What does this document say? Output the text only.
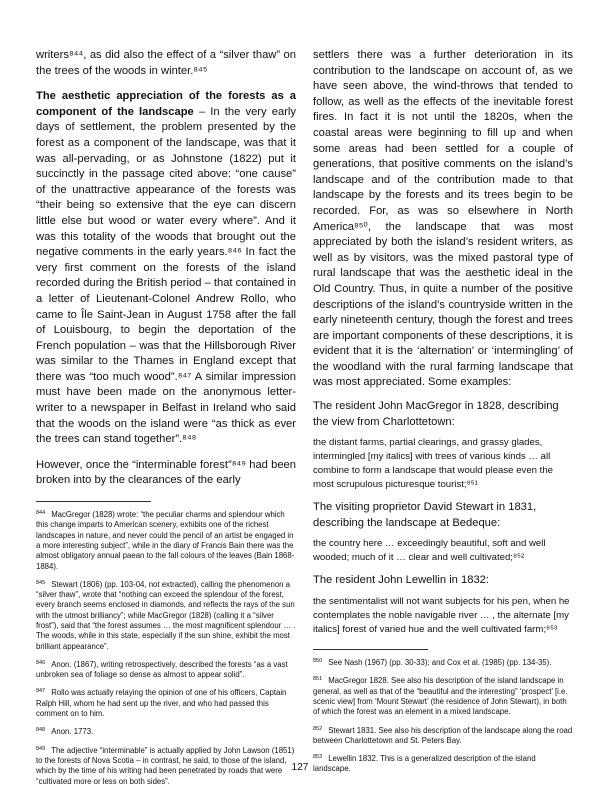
writers⁸⁴⁴, as did also the effect of a “silver thaw” on the trees of the woods in winter.⁸⁴⁵

The aesthetic appreciation of the forests as a component of the landscape – In the very early days of settlement, the problem presented by the forest as a component of the landscape, was that it was all-pervading, or as Johnstone (1822) put it succinctly in the passage cited above: “one cause” of the unattractive appearance of the forests was “their being so extensive that the eye can discern little else but wood or water every where”. And it was this totality of the woods that brought out the negative comments in the early years.⁸⁴⁶ In fact the very first comment on the forests of the island recorded during the British period – that contained in a letter of Lieutenant-Colonel Andrew Rollo, who came to Île Saint-Jean in August 1758 after the fall of Louisbourg, to begin the deportation of the French population – was that the Hillsborough River was similar to the Thames in England except that there was “too much wood”.⁸⁴⁷ A similar impression must have been made on the anonymous letter-writer to a newspaper in Belfast in Ireland who said that the woods on the island were “as thick as ever the trees can stand together”.⁸⁴⁸

However, once the “interminable forest”⁸⁴⁹ had been broken into by the clearances of the early

$^{844}$ MacGregor (1828) wrote: “the peculiar charms and splendour which this change imparts to American scenery, exhibits one of the richest landscapes in nature, and never could the pencil of an artist be engaged in a more interesting subject”, while in the diary of Francis Bain there was the almost obligatory annual paean to the fall colours of the leaves (Bain 1868-1884).

$^{845}$ Stewart (1806) (pp. 103-04, not extracted), calling the phenomenon a “silver thaw”, wrote that “nothing can exceed the splendour of the forest, every branch seems enclosed in diamonds, and reflects the rays of the sun with the utmost brilliancy”; while MacGregor (1828) (calling it a “silver frost”), said that “the forest assumes … the most magnificent splendour … . The woods, while in this state, especially if the sun shine, exhibit the most brilliant appearance”.

$^{846}$ Anon. (1867), writing retrospectively, described the forests “as a vast unbroken sea of foliage so dense as almost to appear solid”.

$^{847}$ Rollo was actually relaying the opinion of one of his officers, Captain Ralph Hill, whom he had sent up the river, and who had passed this comment on to him.

$^{848}$ Anon. 1773.

$^{849}$ The adjective “interminable” is actually applied by John Lawson (1851) to the forests of Nova Scotia – in contrast, he said, to those of the island, which by the time of his writing had been penetrated by roads that were “cultivated more or less on both sides”.

settlers there was a further deterioration in its contribution to the landscape on account of, as we have seen above, the wind-throws that tended to follow, as well as the effects of the inevitable forest fires. In fact it is not until the 1820s, when the coastal areas were beginning to fill up and when some areas had been settled for a couple of generations, that positive comments on the island’s landscape and of the contribution made to that landscape by the forests and its trees begin to be recorded. For, as was so elsewhere in North America⁸⁵⁰, the landscape that was most appreciated by both the island’s resident writers, as well as by visitors, was the mixed pastoral type of rural landscape that was the aesthetic ideal in the Old Country. Thus, in quite a number of the positive descriptions of the island’s countryside written in the early nineteenth century, though the forest and trees are important components of these descriptions, it is evident that it is the ‘alternation’ or ‘intermingling’ of the woodland with the rural farming landscape that was most appreciated. Some examples:

The resident John MacGregor in 1828, describing the view from Charlottetown:

the distant farms, partial clearings, and grassy glades, intermingled [my italics] with trees of various kinds … all combine to form a landscape that would please even the most scrupulous picturesque tourist;⁸⁵¹

The visiting proprietor David Stewart in 1831, describing the landscape at Bedeque:

the country here … exceedingly beautiful, soft and well wooded; much of it … clear and well cultivated;⁸⁵²

The resident John Lewellin in 1832:

the sentimentalist will not want subjects for his pen, when he contemplates the noble navigable river … , the alternate [my italics] forest of varied hue and the well cultivated farm;⁸⁵³

$^{850}$ See Nash (1967) (pp. 30-33); and Cox et al. (1985) (pp. 134-35).

$^{851}$ MacGregor 1828. See also his description of the island landscape in general, as well as that of the “beautiful and the interesting” ‘prospect’ [i.e. scenic view] from ‘Mount Stewart’ (the residence of John Stewart), in both of which the forest was an element in a mixed landscape.

$^{852}$ Stewart 1831. See also his description of the landscape along the road between Charlottetown and St. Peters Bay.

$^{853}$ Lewellin 1832. This is a generalized description of the island landscape.

127
